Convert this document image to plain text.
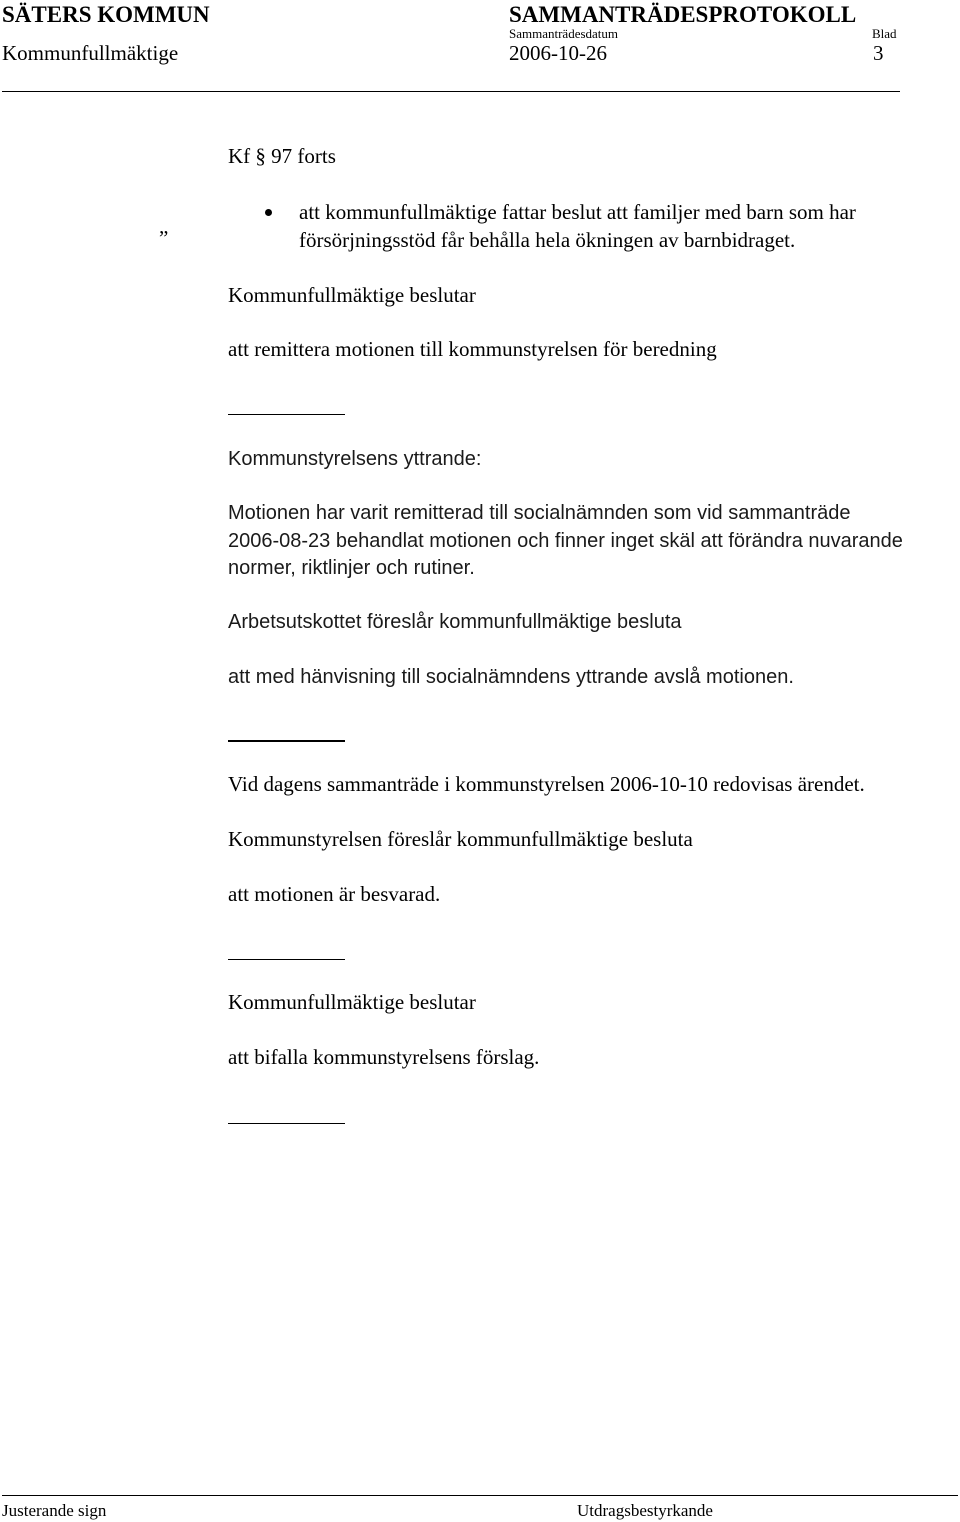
SÄTERS KOMMUN	SAMMANTRÄDESPROTOKOLL
Sammanträdesdatum	Blad
Kommunfullmäktige	2006-10-26	3
Kf § 97 forts
att kommunfullmäktige fattar beslut att familjer med barn som har
försörjningsstöd får behålla hela ökningen av barnbidraget.
”
Kommunfullmäktige beslutar
att remittera motionen till kommunstyrelsen för beredning
Kommunstyrelsens yttrande:
Motionen har varit remitterad till socialnämnden som vid sammanträde
2006-08-23 behandlat motionen och finner inget skäl att förändra nuvarande
normer, riktlinjer och rutiner.
Arbetsutskottet föreslår kommunfullmäktige besluta
att med hänvisning till socialnämndens yttrande avslå motionen.
Vid dagens sammanträde i kommunstyrelsen 2006-10-10 redovisas ärendet.
Kommunstyrelsen föreslår kommunfullmäktige besluta
att motionen är besvarad.
Kommunfullmäktige beslutar
att bifalla kommunstyrelsens förslag.
Justerande sign	Utdragsbestyrkande
